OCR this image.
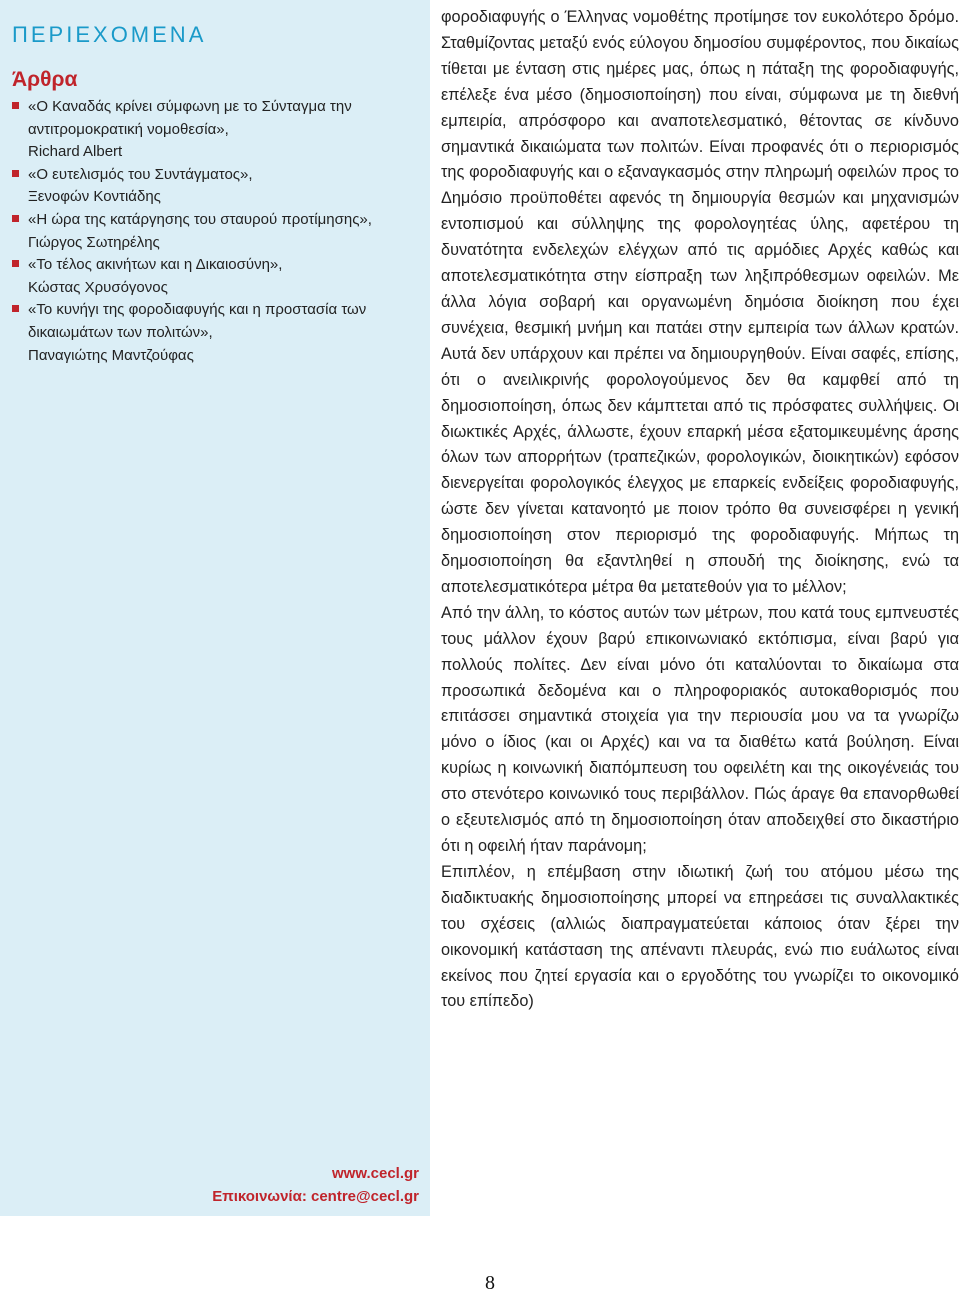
ΠΕΡΙΕΧΟΜΕΝΑ
Άρθρα
«Ο Καναδάς κρίνει σύμφωνη με το Σύνταγμα την
αντιτρομοκρατική νομοθεσία»,
Richard Albert
«Ο ευτελισμός του Συντάγματος»,
Ξενοφών Κοντιάδης
«Η ώρα της κατάργησης του σταυρού προτίμησης»,
Γιώργος Σωτηρέλης
«Το τέλος ακινήτων και η Δικαιοσύνη»,
Κώστας Χρυσόγονος
«Το κυνήγι της φοροδιαφυγής και η προστασία των
δικαιωμάτων των πολιτών»,
Παναγιώτης Μαντζούφας
www.cecl.gr
Επικοινωνία: centre@cecl.gr

φοροδιαφυγής ο Έλληνας νομοθέτης προτίμησε τον ευκολότερο δρόμο. Σταθμίζοντας μεταξύ ενός εύλογου δημοσίου συμφέροντος, που δικαίως τίθεται με ένταση στις ημέρες μας, όπως η πάταξη της φοροδιαφυγής, επέλεξε ένα μέσο (δημοσιοποίηση) που είναι, σύμφωνα με τη διεθνή εμπειρία, απρόσφορο και αναποτελεσματικό, θέτοντας σε κίνδυνο σημαντικά δικαιώματα των πολιτών. Είναι προφανές ότι ο περιορισμός της φοροδιαφυγής και ο εξαναγκασμός στην πληρωμή οφειλών προς το Δημόσιο προϋποθέτει αφενός τη δημιουργία θεσμών και μηχανισμών εντοπισμού και σύλληψης της φορολογητέας ύλης, αφετέρου τη δυνατότητα ενδελεχών ελέγχων από τις αρμόδιες Αρχές καθώς και αποτελεσματικότητα στην είσπραξη των ληξιπρόθεσμων οφειλών. Με άλλα λόγια σοβαρή και οργανωμένη δημόσια διοίκηση που έχει συνέχεια, θεσμική μνήμη και πατάει στην εμπειρία των άλλων κρατών. Αυτά δεν υπάρχουν και πρέπει να δημιουργηθούν. Είναι σαφές, επίσης, ότι ο ανειλικρινής φορολογούμενος δεν θα καμφθεί από τη δημοσιοποίηση, όπως δεν κάμπτεται από τις πρόσφατες συλλήψεις. Οι διωκτικές Αρχές, άλλωστε, έχουν επαρκή μέσα εξατομικευμένης άρσης όλων των απορρήτων (τραπεζικών, φορολογικών, διοικητικών) εφόσον διενεργείται φορολογικός έλεγχος με επαρκείς ενδείξεις φοροδιαφυγής, ώστε δεν γίνεται κατανοητό με ποιον τρόπο θα συνεισφέρει η γενική δημοσιοποίηση στον περιορισμό της φοροδιαφυγής. Μήπως τη δημοσιοποίηση θα εξαντληθεί η σπουδή της διοίκησης, ενώ τα αποτελεσματικότερα μέτρα θα μετατεθούν για το μέλλον;

Από την άλλη, το κόστος αυτών των μέτρων, που κατά τους εμπνευστές τους μάλλον έχουν βαρύ επικοινωνιακό εκτόπισμα, είναι βαρύ για πολλούς πολίτες. Δεν είναι μόνο ότι καταλύονται το δικαίωμα στα προσωπικά δεδομένα και ο πληροφοριακός αυτοκαθορισμός που επιτάσσει σημαντικά στοιχεία για την περιουσία μου να τα γνωρίζω μόνο ο ίδιος (και οι Αρχές) και να τα διαθέτω κατά βούληση. Είναι κυρίως η κοινωνική διαπόμπευση του οφειλέτη και της οικογένειάς του στο στενότερο κοινωνικό τους περιβάλλον. Πώς άραγε θα επανορθωθεί ο εξευτελισμός από τη δημοσιοποίηση όταν αποδειχθεί στο δικαστήριο ότι η οφειλή ήταν παράνομη;

Επιπλέον, η επέμβαση στην ιδιωτική ζωή του ατόμου μέσω της διαδικτυακής δημοσιοποίησης μπορεί να επηρεάσει τις συναλλακτικές του σχέσεις (αλλιώς διαπραγματεύεται κάποιος όταν ξέρει την οικονομική κατάσταση της απέναντι πλευράς, ενώ πιο ευάλωτος είναι εκείνος που ζητεί εργασία και ο εργοδότης του γνωρίζει το οικονομικό του επίπεδο)

8
